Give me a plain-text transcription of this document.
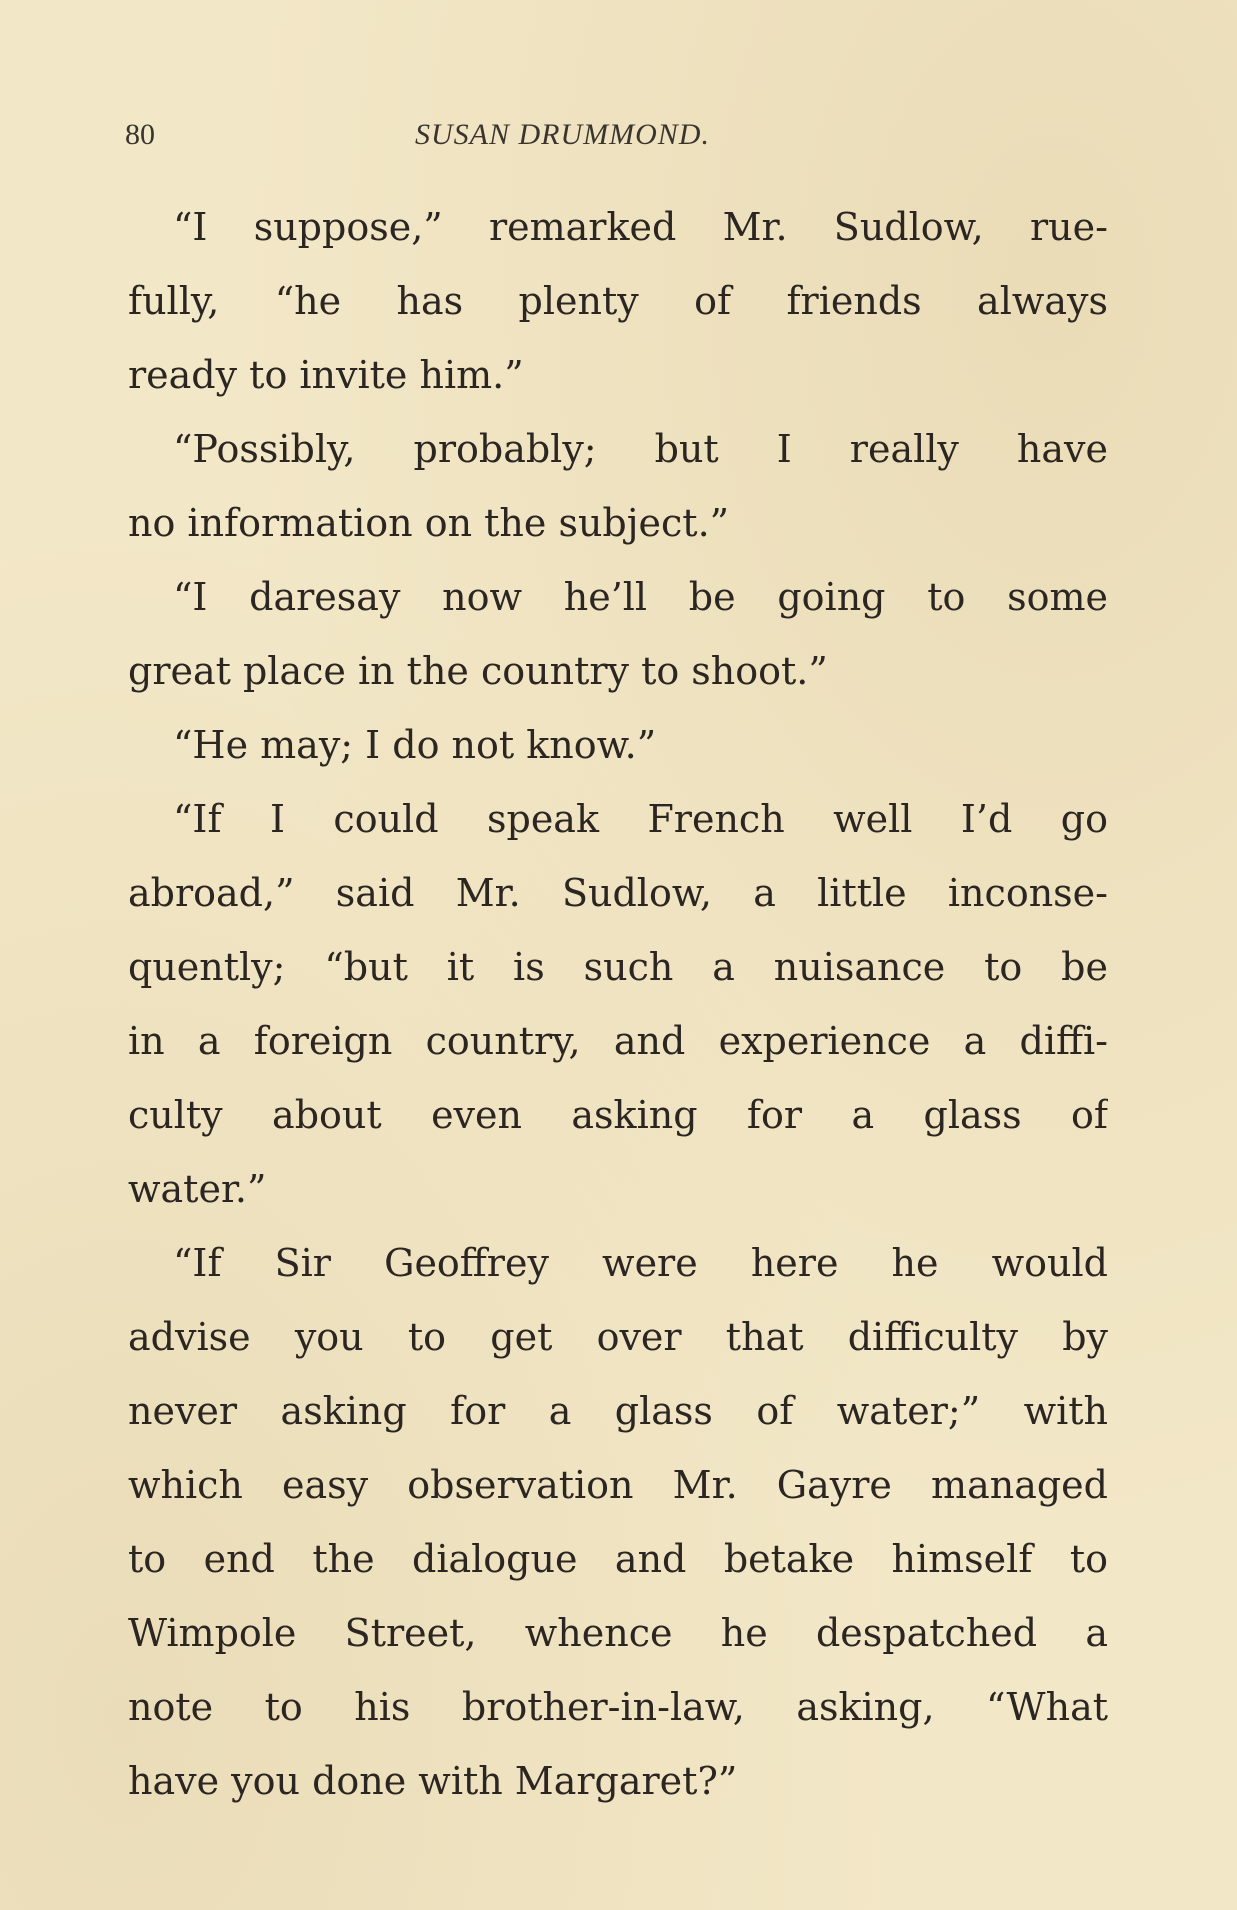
80	SUSAN DRUMMOND.
“I suppose,” remarked Mr. Sudlow, rue-
fully, “he has plenty of friends always
ready to invite him.”
“Possibly, probably; but I really have
no information on the subject.”
“I daresay now he’ll be going to some
great place in the country to shoot.”
“He may; I do not know.”
“If I could speak French well I’d go
abroad,” said Mr. Sudlow, a little inconse-
quently; “but it is such a nuisance to be
in a foreign country, and experience a diffi-
culty about even asking for a glass of
water.”
“If Sir Geoffrey were here he would
advise you to get over that difficulty by
never asking for a glass of water;” with
which easy observation Mr. Gayre managed
to end the dialogue and betake himself to
Wimpole Street, whence he despatched a
note to his brother-in-law, asking, “What
have you done with Margaret?”
